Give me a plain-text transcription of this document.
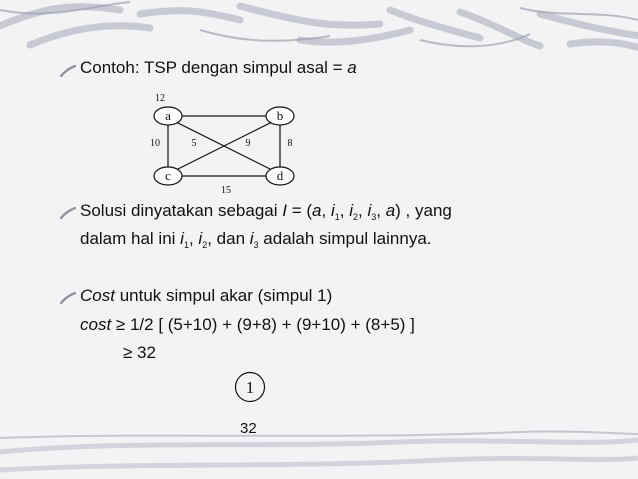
Contoh: TSP dengan simpul asal = a
a	b
c	d
12
10	5	9	8
15
Solusi dinyatakan sebagai I = (a, $i_1$, $i_2$, $i_3$, a) , yang
dalam hal ini $i_1$, $i_2$, dan $i_3$ adalah simpul lainnya.
Cost untuk simpul akar (simpul 1)
cost ≥ 1/2 [ (5+10) + (9+8) + (9+10) + (8+5) ]
≥ 32
1
32
